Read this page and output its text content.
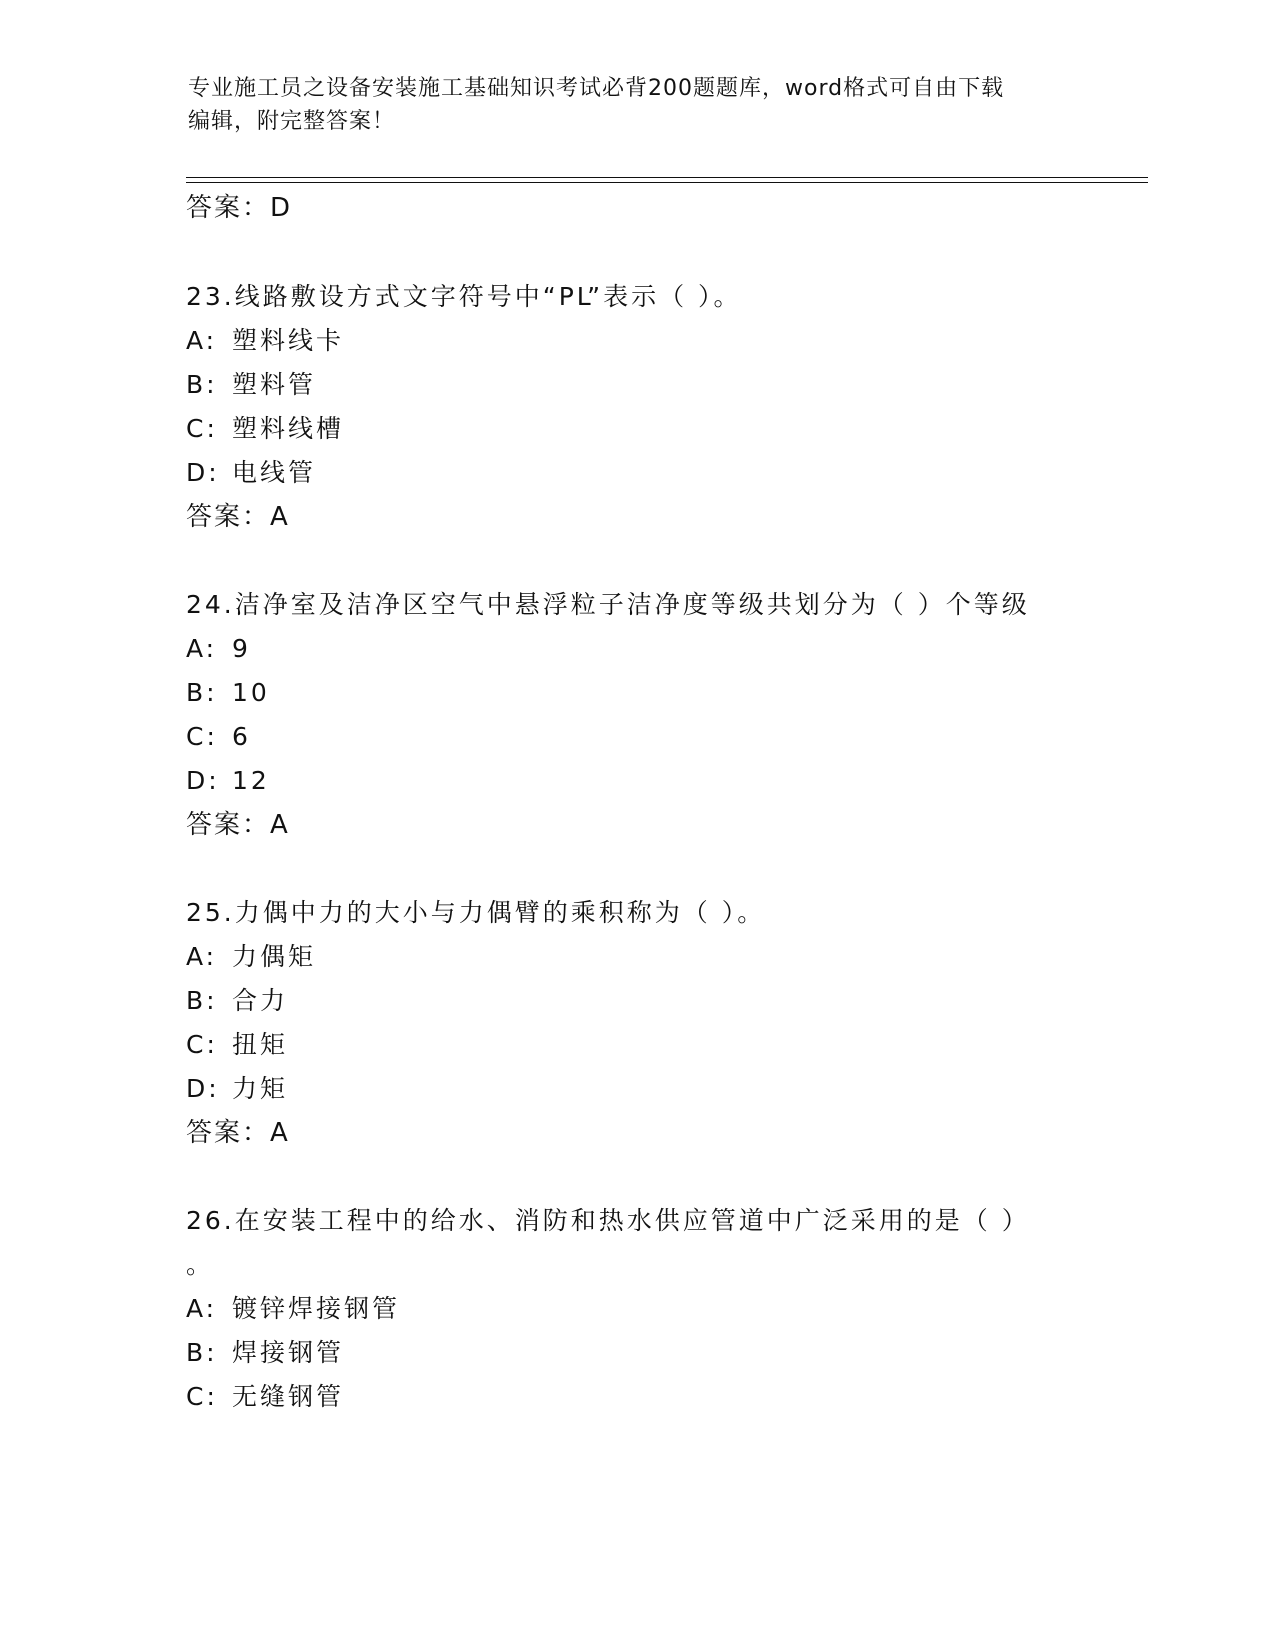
专业施工员之设备安装施工基础知识考试必背200题题库，word格式可自由下载
编辑，附完整答案！
答案：D
23.线路敷设方式文字符号中“PL”表示（ ）。
A: 塑料线卡
B: 塑料管
C: 塑料线槽
D: 电线管
答案：A
24.洁净室及洁净区空气中悬浮粒子洁净度等级共划分为（ ）个等级
A: 9
B: 10
C: 6
D: 12
答案：A
25.力偶中力的大小与力偶臂的乘积称为（ ）。
A: 力偶矩
B: 合力
C: 扭矩
D: 力矩
答案：A
26.在安装工程中的给水、消防和热水供应管道中广泛采用的是（ ）
。
A: 镀锌焊接钢管
B: 焊接钢管
C: 无缝钢管
